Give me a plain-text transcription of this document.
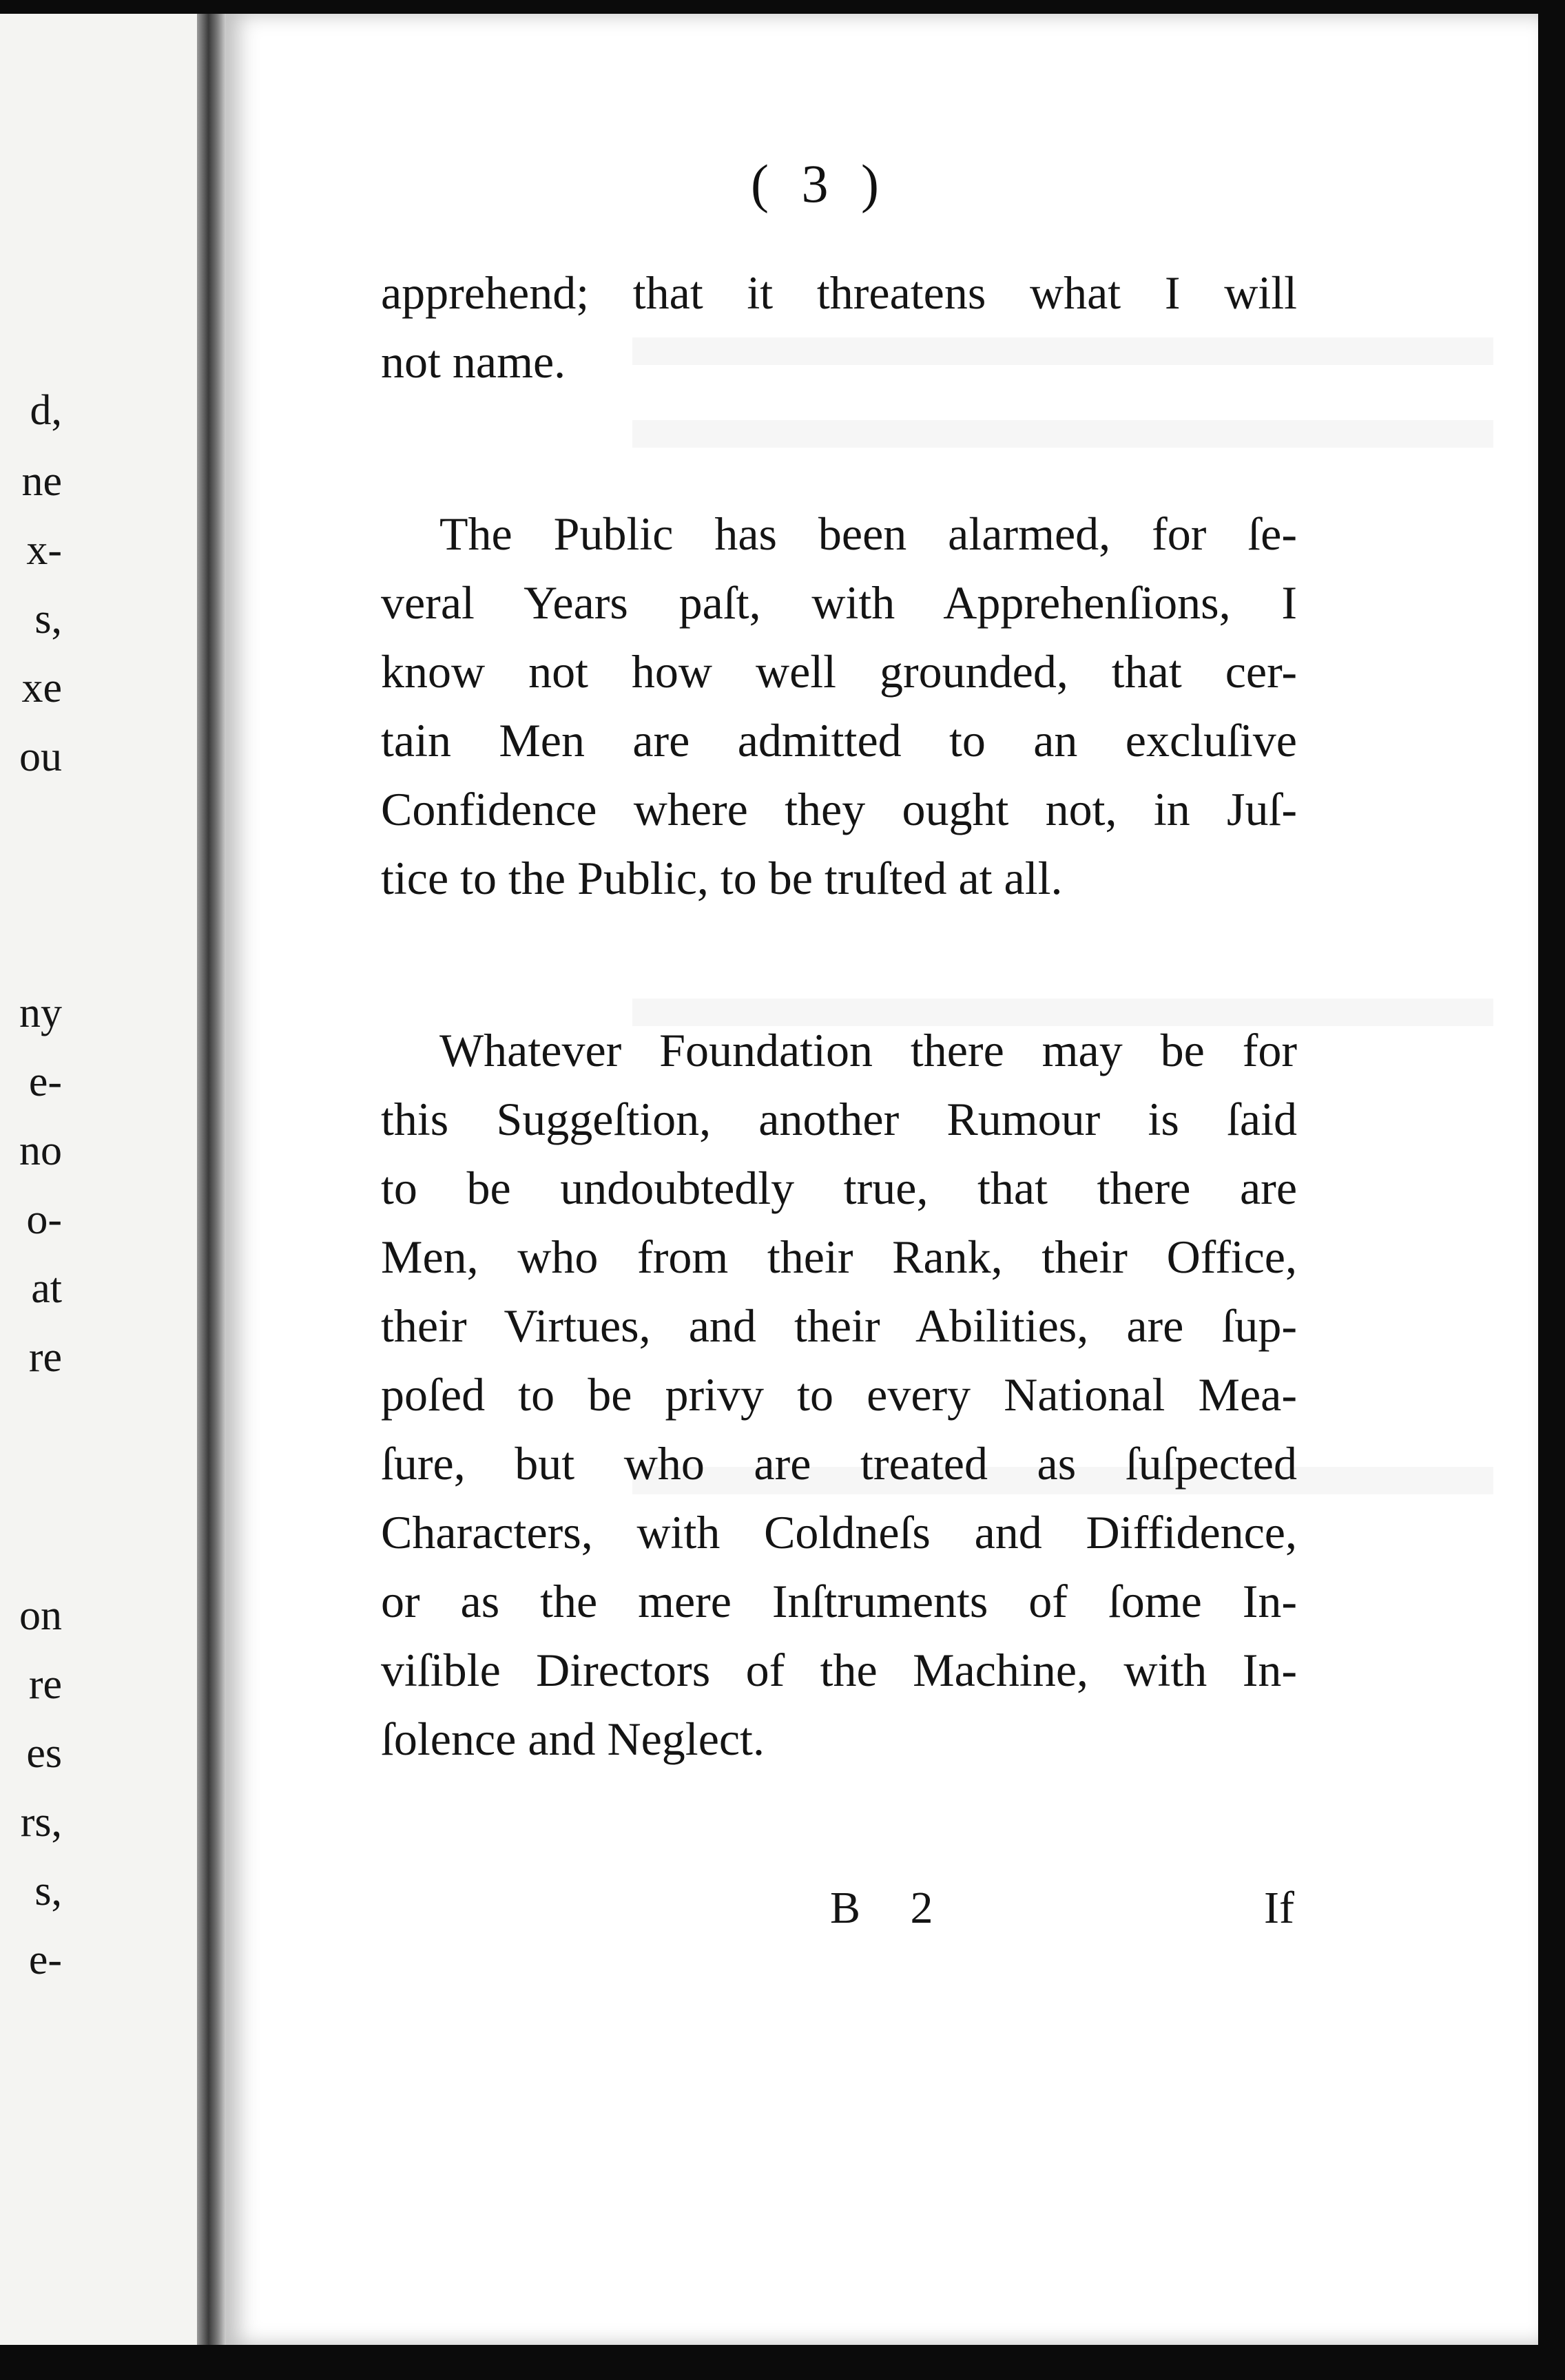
d,
ne
x-
s,
xe
ou
ny
e-
no
o-
at
re
on
re
es
rs,
s,
e-
( 3 )
apprehend; that it threatens what I will
not name.
The Public has been alarmed, for ſe-
veral Years paſt, with Apprehenſions, I
know not how well grounded, that cer-
tain Men are admitted to an excluſive
Confidence where they ought not, in Juſ-
tice to the Public, to be truſted at all.
Whatever Foundation there may be for
this Suggeſtion, another Rumour is ſaid
to be undoubtedly true, that there are
Men, who from their Rank, their Office,
their Virtues, and their Abilities, are ſup-
poſed to be privy to every National Mea-
ſure, but who are treated as ſuſpected
Characters, with Coldneſs and Diffidence,
or as the mere Inſtruments of ſome In-
viſible Directors of the Machine, with In-
ſolence and Neglect.
B 2	If
